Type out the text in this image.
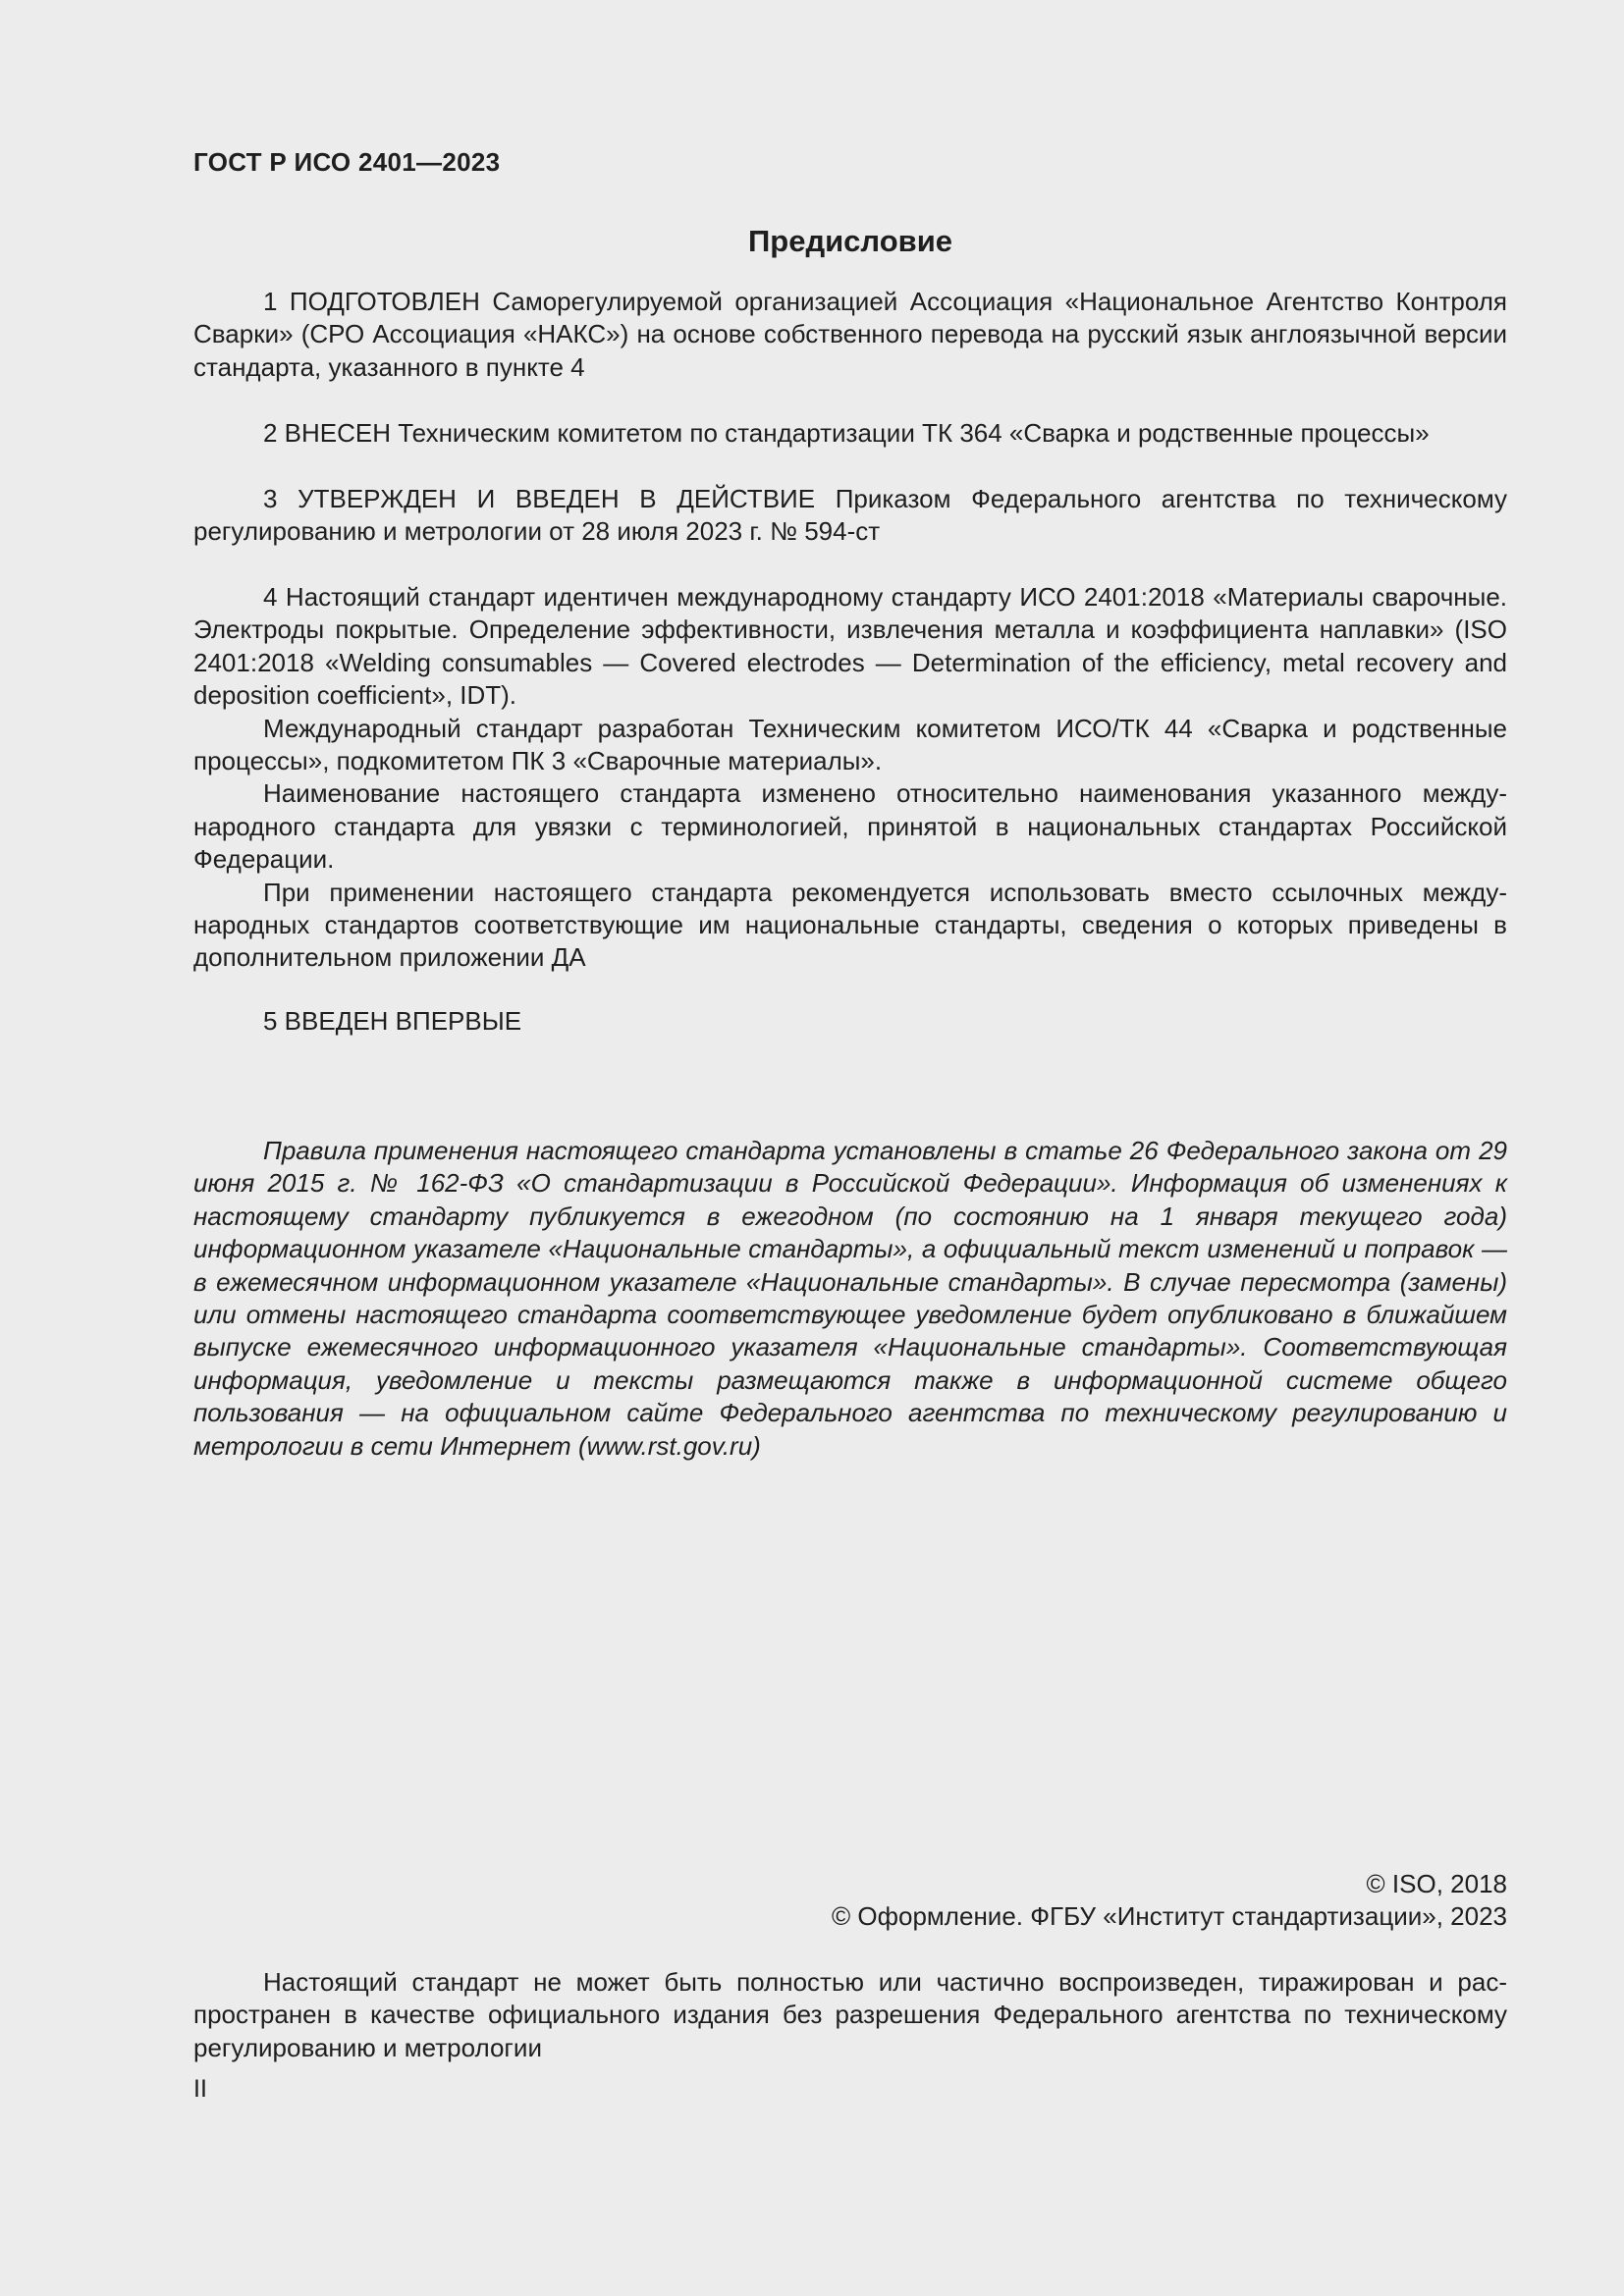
ГОСТ Р ИСО 2401—2023
Предисловие

1 ПОДГОТОВЛЕН Саморегулируемой организацией Ассоциация «Национальное Агентство Контроля Сварки» (СРО Ассоциация «НАКС») на основе собственного перевода на русский язык англоязычной версии стандарта, указанного в пункте 4

2 ВНЕСЕН Техническим комитетом по стандартизации ТК 364 «Сварка и родственные процессы»

3 УТВЕРЖДЕН И ВВЕДЕН В ДЕЙСТВИЕ Приказом Федерального агентства по техническому регулированию и метрологии от 28 июля 2023 г. № 594-ст

4 Настоящий стандарт идентичен международному стандарту ИСО 2401:2018 «Материалы сварочные. Электроды покрытые. Определение эффективности, извлечения металла и коэффициента наплавки» (ISO 2401:2018 «Welding consumables — Covered electrodes — Determination of the efficiency, metal recovery and deposition coefficient», IDT).

Международный стандарт разработан Техническим комитетом ИСО/ТК 44 «Сварка и родственные процессы», подкомитетом ПК 3 «Сварочные материалы».

Наименование настоящего стандарта изменено относительно наименования указанного международного стандарта для увязки с терминологией, принятой в национальных стандартах Российской Федерации.

При применении настоящего стандарта рекомендуется использовать вместо ссылочных международных стандартов соответствующие им национальные стандарты, сведения о которых приведены в дополнительном приложении ДА

5 ВВЕДЕН ВПЕРВЫЕ

Правила применения настоящего стандарта установлены в статье 26 Федерального закона от 29 июня 2015 г. № 162-ФЗ «О стандартизации в Российской Федерации». Информация об изменениях к настоящему стандарту публикуется в ежегодном (по состоянию на 1 января текущего года) информационном указателе «Национальные стандарты», а официальный текст изменений и поправок — в ежемесячном информационном указателе «Национальные стандарты». В случае пересмотра (замены) или отмены настоящего стандарта соответствующее уведомление будет опубликовано в ближайшем выпуске ежемесячного информационного указателя «Национальные стандарты». Соответствующая информация, уведомление и тексты размещаются также в информационной системе общего пользования — на официальном сайте Федерального агентства по техническому регулированию и метрологии в сети Интернет (www.rst.gov.ru)

© ISO, 2018
© Оформление. ФГБУ «Институт стандартизации», 2023

Настоящий стандарт не может быть полностью или частично воспроизведен, тиражирован и распространен в качестве официального издания без разрешения Федерального агентства по техническому регулированию и метрологии

II
